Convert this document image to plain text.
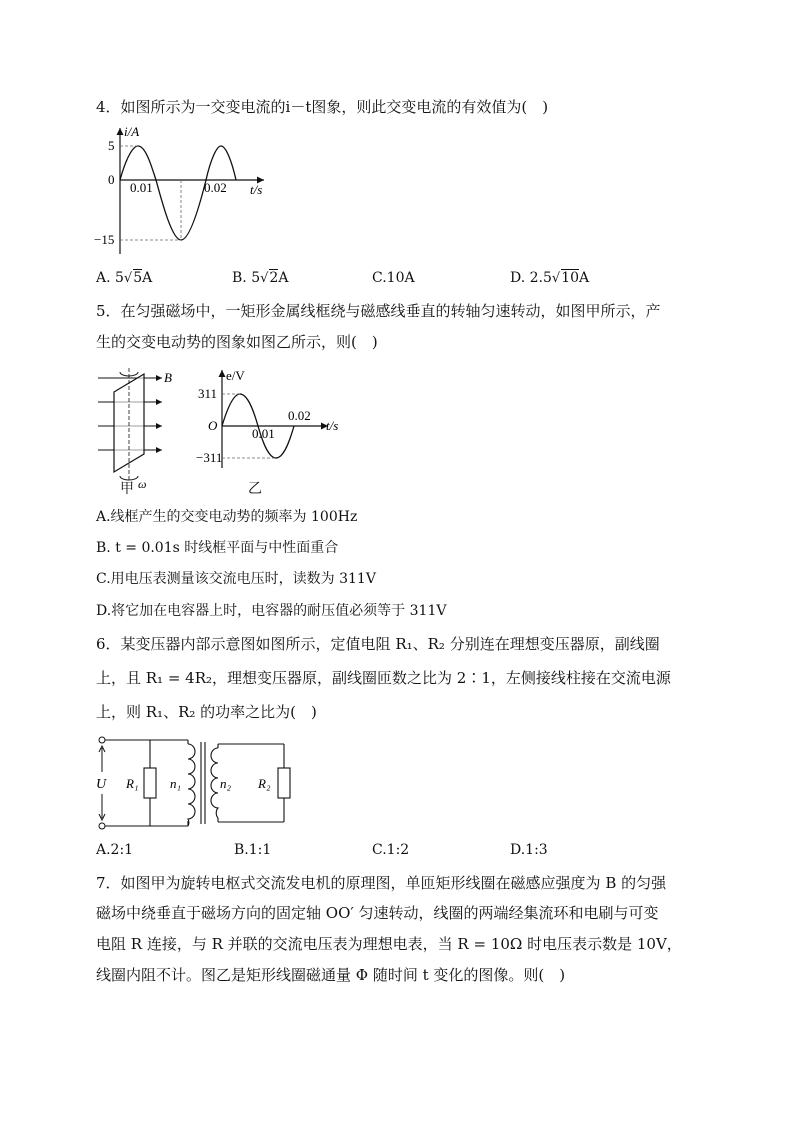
4．如图所示为一交变电流的i－t图象，则此交变电流的有效值为(　)
i/A
5
0
−15
0.01	0.02 t/s
A. 5√5A	B. 5√2A	C.10A	D. 2.5√10A
5．在匀强磁场中，一矩形金属线框绕与磁感线垂直的转轴匀速转动，如图甲所示，产
生的交变电动势的图象如图乙所示，则(　)
B
ω
甲
e/V
311
O
−311
0.01
0.02
t/s
乙
A.线框产生的交变电动势的频率为 100Hz
B. t = 0.01s 时线框平面与中性面重合
C.用电压表测量该交流电压时，读数为 311V
D.将它加在电容器上时，电容器的耐压值必须等于 311V
6．某变压器内部示意图如图所示，定值电阻 R₁、R₂ 分别连在理想变压器原，副线圈
上，且 R₁ = 4R₂，理想变压器原，副线圈匝数之比为 2∶1，左侧接线柱接在交流电源
上，则 R₁、R₂ 的功率之比为(　)
U R₁ n₁	n₂ R₂
A.2:1	B.1:1	C.1:2	D.1:3
7．如图甲为旋转电枢式交流发电机的原理图，单匝矩形线圈在磁感应强度为 B 的匀强
磁场中绕垂直于磁场方向的固定轴 OO′ 匀速转动，线圈的两端经集流环和电刷与可变
电阻 R 连接，与 R 并联的交流电压表为理想电表，当 R = 10Ω 时电压表示数是 10V，
线圈内阻不计。图乙是矩形线圈磁通量 Φ 随时间 t 变化的图像。则(　)
